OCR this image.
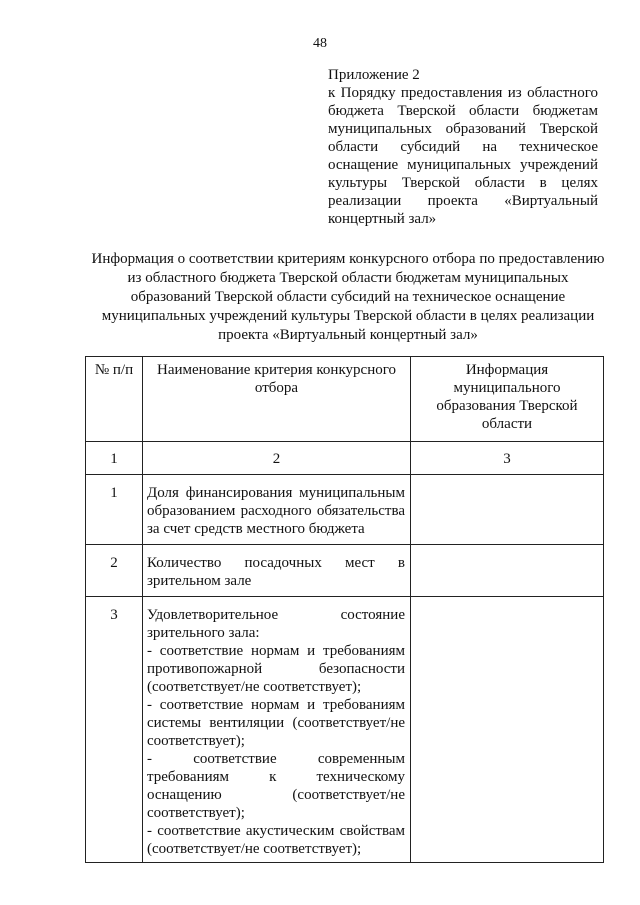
48
Приложение 2
к Порядку предоставления из областного бюджета Тверской области бюджетам муниципальных образований Тверской области субсидий на техническое оснащение муниципальных учреждений культуры Тверской области в целях реализации проекта «Виртуальный концертный зал»
Информация о соответствии критериям конкурсного отбора по предоставлению из областного бюджета Тверской области бюджетам муниципальных образований Тверской области субсидий на техническое оснащение муниципальных учреждений культуры Тверской области в целях реализации проекта «Виртуальный концертный зал»
№ п/п	Наименование критерия конкурсного отбора	Информация муниципального образования Тверской области
1	2	3
1	Доля финансирования муниципальным образованием расходного обязательства за счет средств местного бюджета	
2	Количество посадочных мест в зрительном зале	
3	Удовлетворительное состояние зрительного зала:
- соответствие нормам и требованиям противопожарной безопасности (соответствует/не соответствует);
- соответствие нормам и требованиям системы вентиляции (соответствует/не соответствует);
- соответствие современным требованиям к техническому оснащению (соответствует/не соответствует);
- соответствие акустическим свойствам (соответствует/не соответствует);	
